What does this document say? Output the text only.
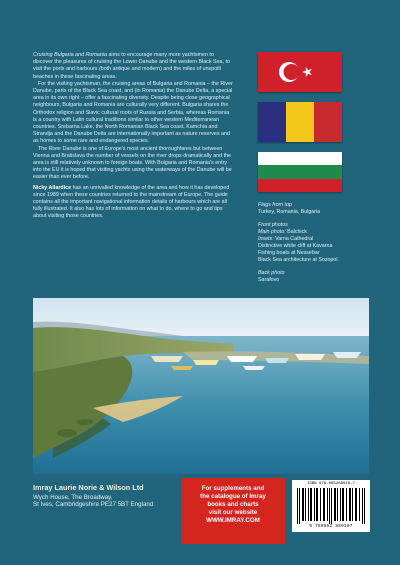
Cruising Bulgaria and Romania aims to encourage many more yachtsmen to discover the pleasures of cruising the Lower Danube and the western Black Sea, to visit the ports and harbours (both antique and modern) and the miles of unspoilt beaches in these fascinating areas.

For the visiting yachtsman, the cruising areas of Bulgaria and Romania – the River Danube, parts of the Black Sea coast, and (in Romania) the Danube Delta, a special area in its own right – offer a fascinating diversity. Despite being close geographical neighbours, Bulgaria and Romania are culturally very different. Bulgaria shares the Orthodox religion and Slavic cultural roots of Russia and Serbia, whereas Romania is a country with Latin cultural traditions similar to other western Mediterranean countries. Srebarna Lake, the North Romanian Black Sea coast, Kamchia and Strandja and the Danube Delta are internationally important as nature reserves and as homes to some rare and endangered species.

The River Danube is one of Europe's most ancient thoroughfares but between Vienna and Bratislava the number of vessels on the river drops dramatically and the area is still relatively unknown to foreign boats. With Bulgaria and Romania's entry into the EU it is hoped that visiting yachts using the waterways of the Danube will be easier than ever before.

Nicky Allardice has an unrivalled knowledge of the area and how it has developed since 1989 when these countries returned to the mainstream of Europe. The guide contains all the important navigational information details of harbours which are all fully illustrated. It also has lots of information on what to do, where to go and tips about visiting those countries.

Flags from top
Turkey, Romania, Bulgaria
Front photos
Main photo: Balchick
Insets: Varna Cathedral
Distinctive white cliff at Kavarna
Fishing boats at Nessebar
Black Sea architecture at Sozopol
Back photo
Sarafovo
Imray Laurie Norie & Wilson Ltd
Wych House, The Broadway,
St Ives, Cambridgeshire PE27 5BT England
For supplements and
the catalogue of Imray
books and charts
visit our website
WWW.IMRAY.COM
ISBN 978-085288910-7
9 780852 889107
